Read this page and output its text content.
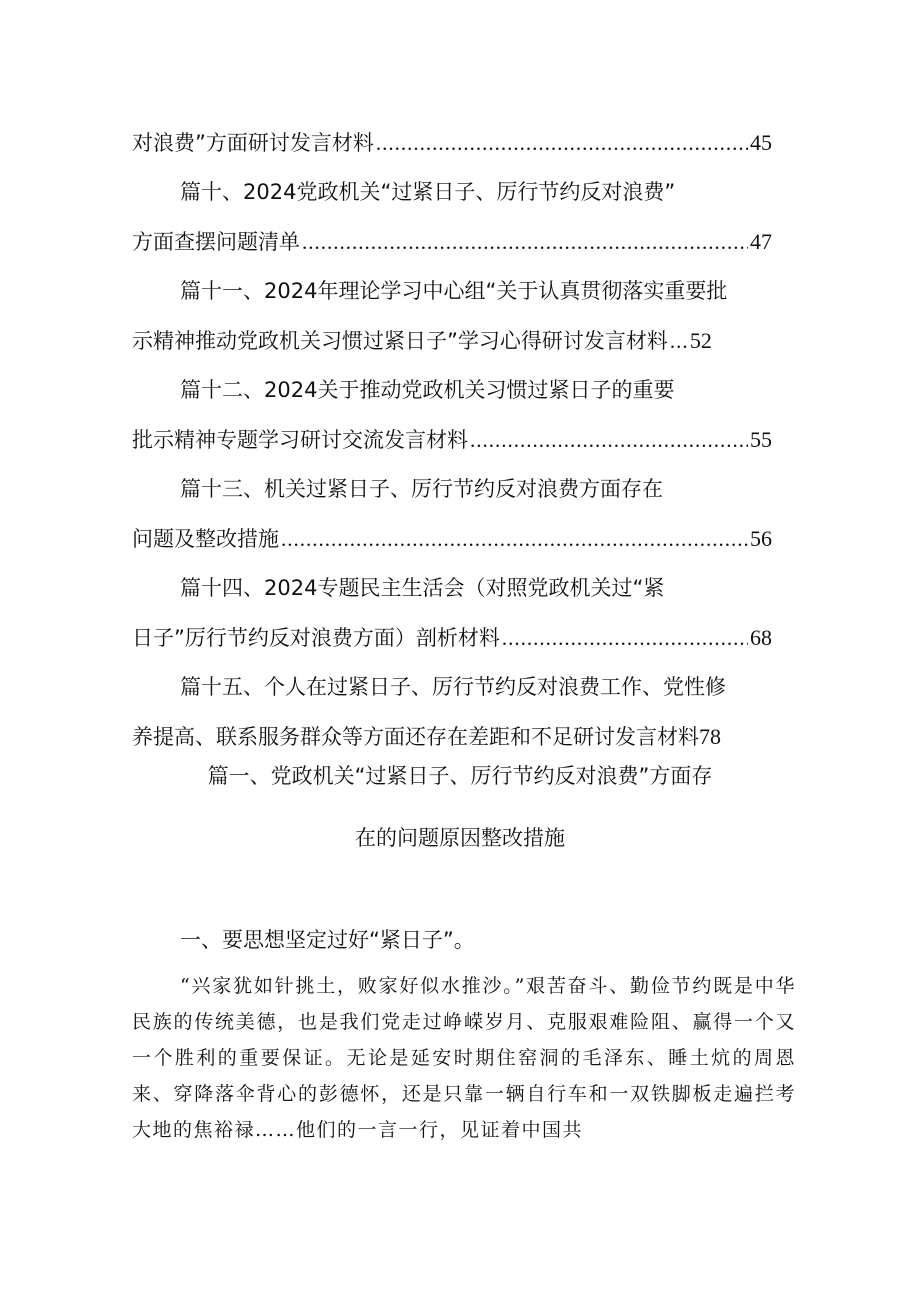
对浪费”方面研讨发言材料 .....	45
篇十、2024党政机关“过紧日子、厉行节约反对浪费”
方面查摆问题清单 .....	47
篇十一、2024年理论学习中心组“关于认真贯彻落实重要批
示精神推动党政机关习惯过紧日子”学习心得研讨发言材料 ..... 52
篇十二、2024关于推动党政机关习惯过紧日子的重要
批示精神专题学习研讨交流发言材料 .....	55
篇十三、机关过紧日子、厉行节约反对浪费方面存在
问题及整改措施 .....	56
篇十四、2024专题民主生活会（对照党政机关过“紧
日子”厉行节约反对浪费方面）剖析材料 .....	68
篇十五、个人在过紧日子、厉行节约反对浪费工作、党性修
养提高、联系服务群众等方面还存在差距和不足研讨发言材料 78
篇一、党政机关“过紧日子、厉行节约反对浪费”方面存
在的问题原因整改措施
一、要思想坚定过好“紧日子”。

“兴家犹如针挑土，败家好似水推沙。”艰苦奋斗、勤俭节约既是中华民族的传统美德，也是我们党走过峥嵘岁月、克服艰难险阻、赢得一个又一个胜利的重要保证。无论是延安时期住窑洞的毛泽东、睡土炕的周恩来、穿降落伞背心的彭德怀，还是只靠一辆自行车和一双铁脚板走遍拦考大地的焦裕禄……他们的一言一行，见证着中国共
